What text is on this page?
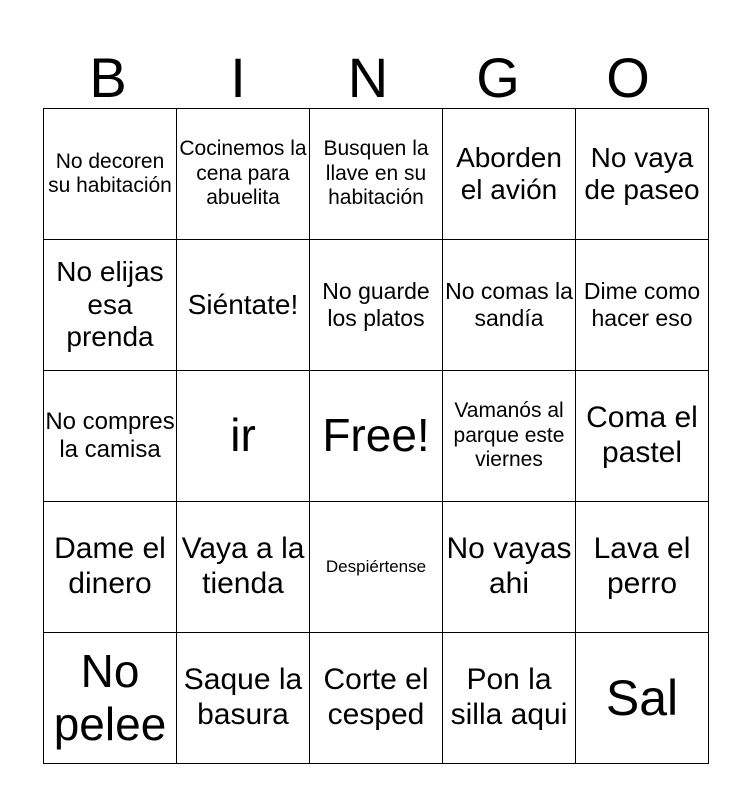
B	I	N	G	O
No decoren su habitación	Cocinemos la cena para abuelita	Busquen la llave en su habitación	Aborden el avión	No vaya de paseo
No elijas esa prenda	Siéntate!	No guarde los platos	No comas la sandía	Dime como hacer eso
No compres la camisa	ir	Free!	Vamanós al parque este viernes	Coma el pastel
Dame el dinero	Vaya a la tienda	Despiértense	No vayas ahi	Lava el perro
No pelee	Saque la basura	Corte el cesped	Pon la silla aqui	Sal
